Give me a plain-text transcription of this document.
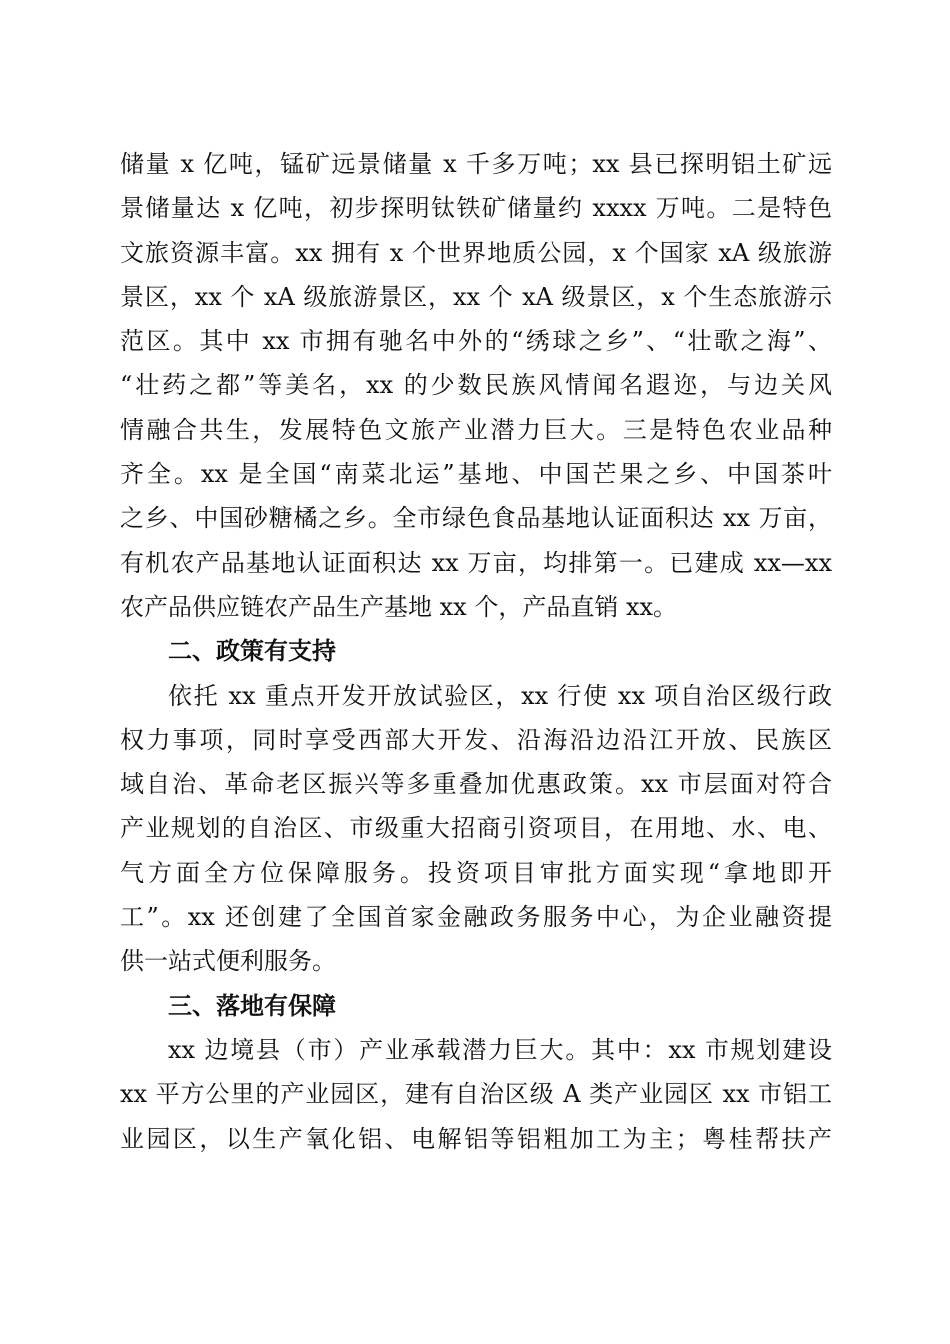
储量 x 亿吨，锰矿远景储量 x 千多万吨；xx 县已探明铝土矿远
景储量达 x 亿吨，初步探明钛铁矿储量约 xxxx 万吨。二是特色
文旅资源丰富。xx 拥有 x 个世界地质公园，x 个国家 xA 级旅游
景区，xx 个 xA 级旅游景区，xx 个 xA 级景区，x 个生态旅游示
范区。其中 xx 市拥有驰名中外的“绣球之乡”、“壮歌之海”、
“壮药之都”等美名，xx 的少数民族风情闻名遐迩，与边关风
情融合共生，发展特色文旅产业潜力巨大。三是特色农业品种
齐全。xx 是全国“南菜北运”基地、中国芒果之乡、中国茶叶
之乡、中国砂糖橘之乡。全市绿色食品基地认证面积达 xx 万亩，
有机农产品基地认证面积达 xx 万亩，均排第一。已建成 xx—xx
农产品供应链农产品生产基地 xx 个，产品直销 xx。
二、政策有支持
依托 xx 重点开发开放试验区，xx 行使 xx 项自治区级行政
权力事项，同时享受西部大开发、沿海沿边沿江开放、民族区
域自治、革命老区振兴等多重叠加优惠政策。xx 市层面对符合
产业规划的自治区、市级重大招商引资项目，在用地、水、电、
气方面全方位保障服务。投资项目审批方面实现“拿地即开
工”。xx 还创建了全国首家金融政务服务中心，为企业融资提
供一站式便利服务。
三、落地有保障
xx 边境县（市）产业承载潜力巨大。其中：xx 市规划建设
xx 平方公里的产业园区，建有自治区级 A 类产业园区 xx 市铝工
业园区，以生产氧化铝、电解铝等铝粗加工为主；粤桂帮扶产
